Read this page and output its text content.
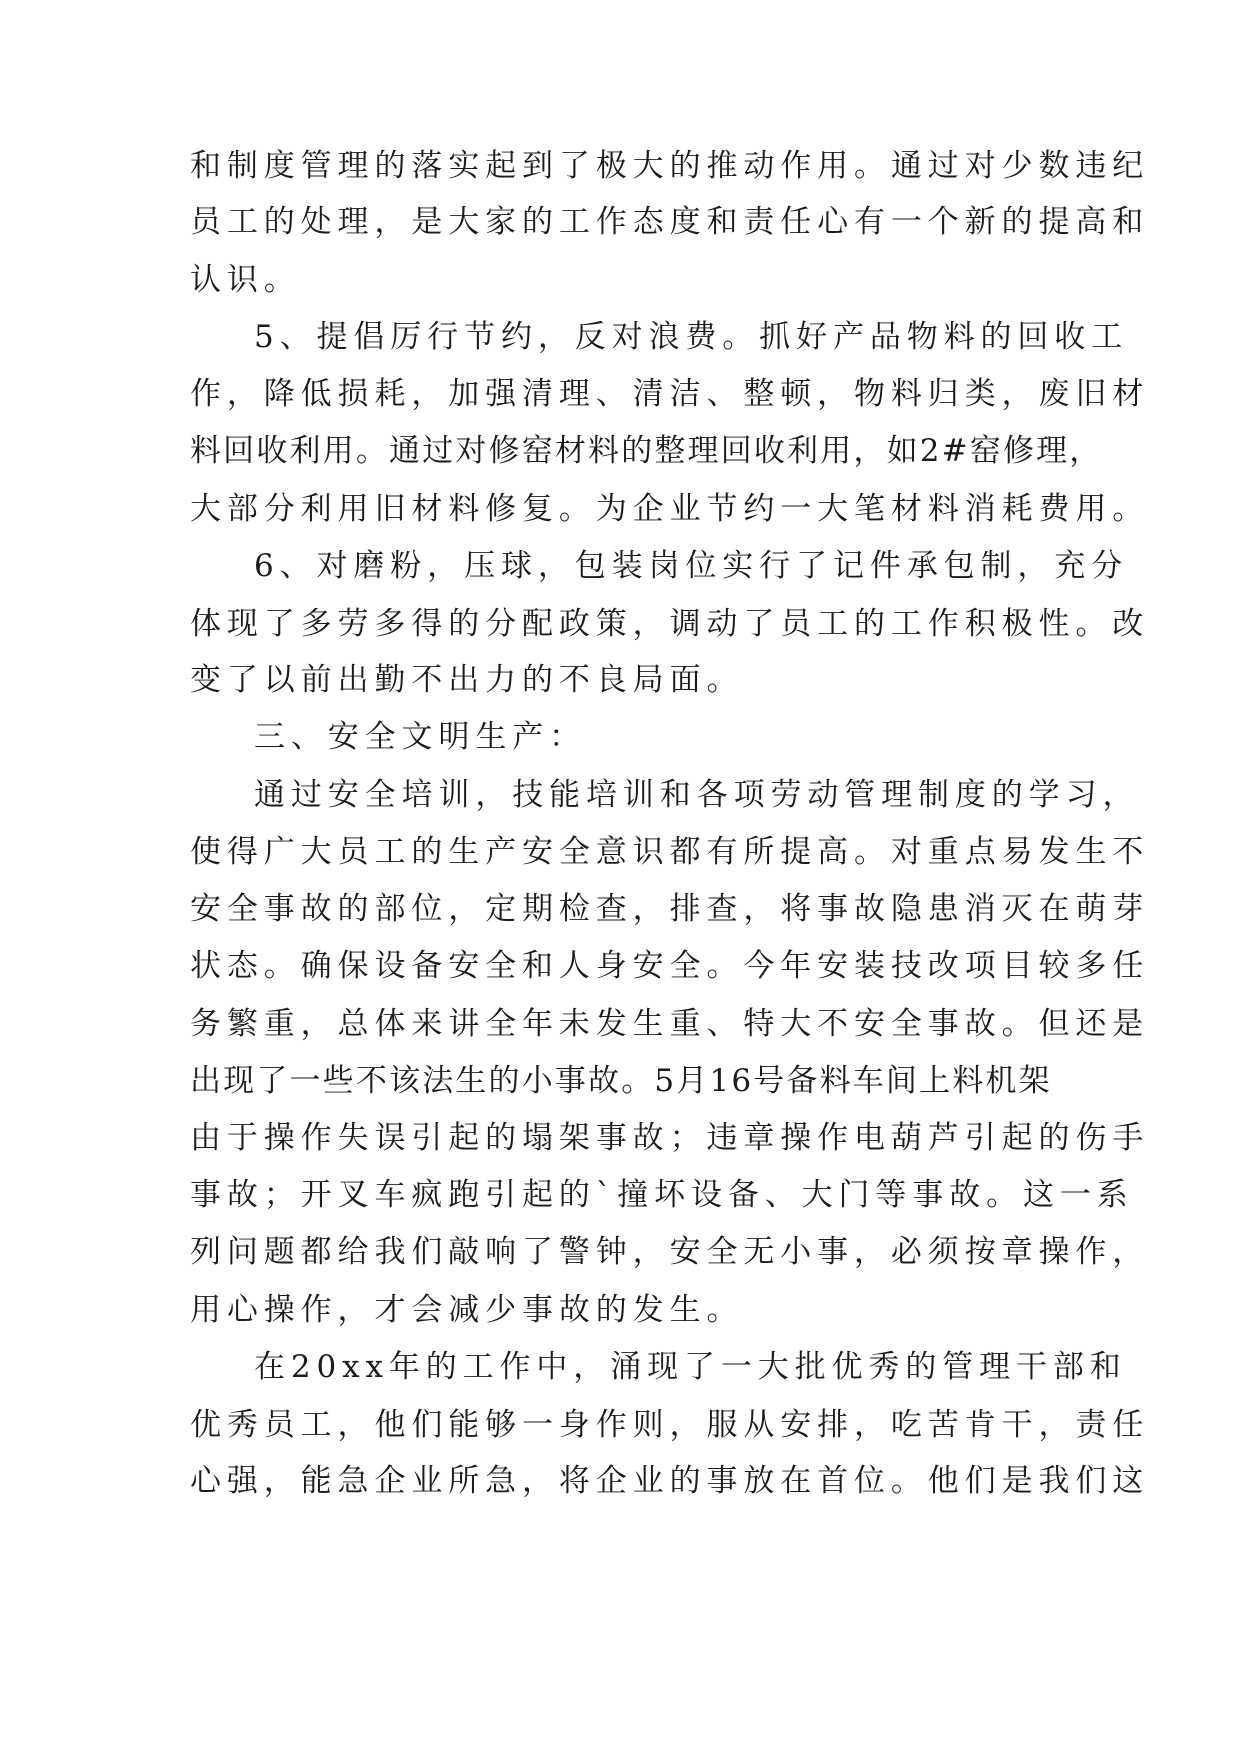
和制度管理的落实起到了极大的推动作用。通过对少数违纪
员工的处理，是大家的工作态度和责任心有一个新的提高和
认识。
5、提倡厉行节约，反对浪费。抓好产品物料的回收工
作，降低损耗，加强清理、清洁、整顿，物料归类，废旧材
料回收利用。通过对修窑材料的整理回收利用，如2#窑修理，
大部分利用旧材料修复。为企业节约一大笔材料消耗费用。
6、对磨粉，压球，包装岗位实行了记件承包制，充分
体现了多劳多得的分配政策，调动了员工的工作积极性。改
变了以前出勤不出力的不良局面。
三、安全文明生产：
通过安全培训，技能培训和各项劳动管理制度的学习，
使得广大员工的生产安全意识都有所提高。对重点易发生不
安全事故的部位，定期检查，排查，将事故隐患消灭在萌芽
状态。确保设备安全和人身安全。今年安装技改项目较多任
务繁重，总体来讲全年未发生重、特大不安全事故。但还是
出现了一些不该法生的小事故。5月16号备料车间上料机架
由于操作失误引起的塌架事故；违章操作电葫芦引起的伤手
事故；开叉车疯跑引起的`撞坏设备、大门等事故。这一系
列问题都给我们敲响了警钟，安全无小事，必须按章操作，
用心操作，才会减少事故的发生。
在20xx年的工作中，涌现了一大批优秀的管理干部和
优秀员工，他们能够一身作则，服从安排，吃苦肯干，责任
心强，能急企业所急，将企业的事放在首位。他们是我们这
